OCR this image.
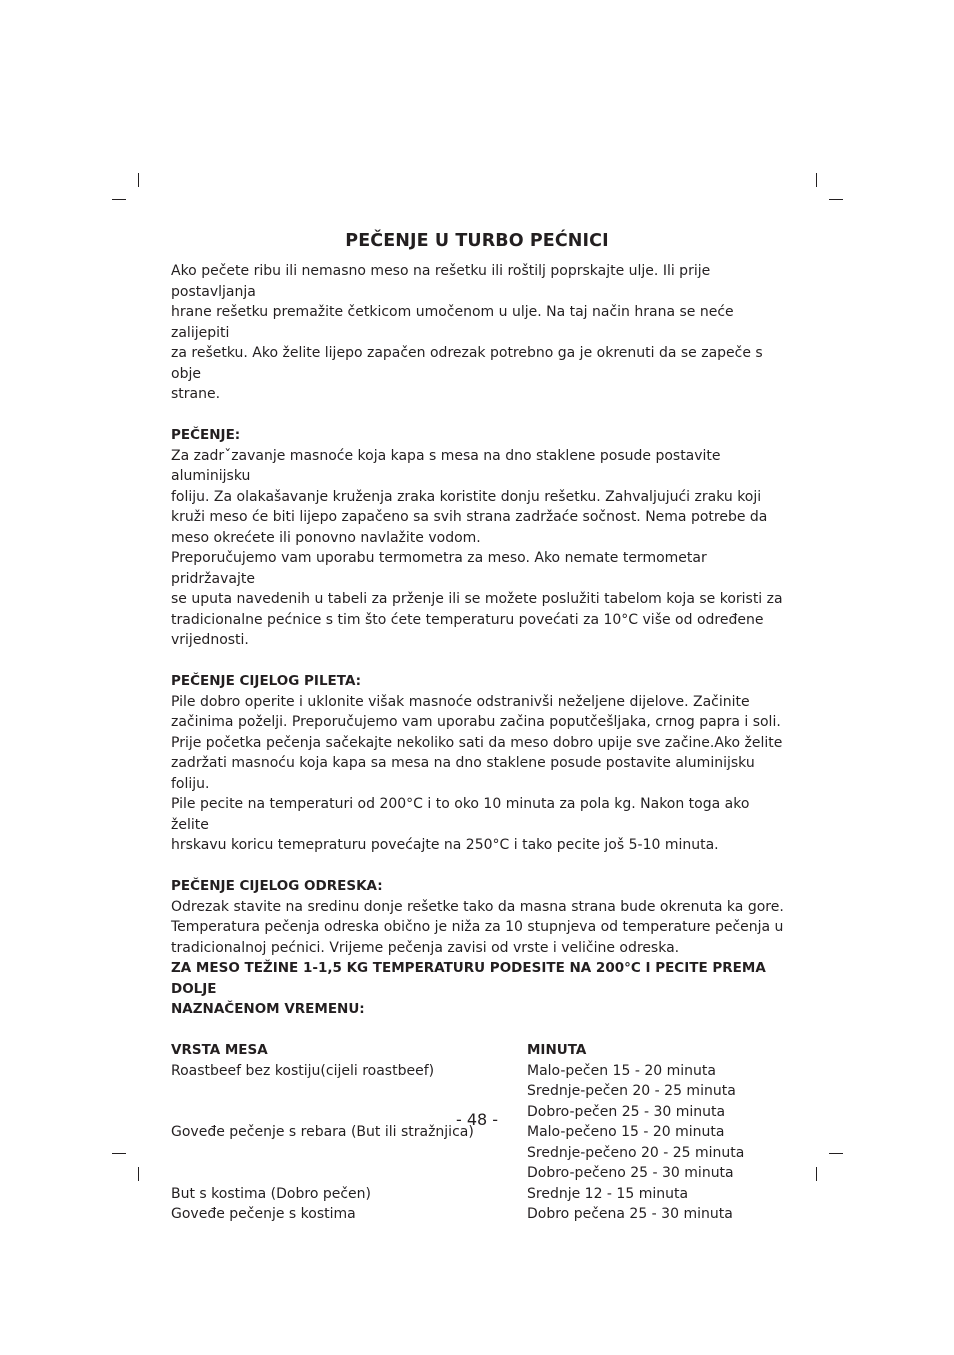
PEČENJE U TURBO PEĆNICI

Ako pečete ribu ili nemasno meso na rešetku ili roštilj poprskajte ulje. Ili prije postavljanja

hrane rešetku premažite četkicom umočenom u ulje. Na taj način hrana se neće zalijepiti

za rešetku. Ako želite lijepo zapačen odrezak potrebno ga je okrenuti da se zapeče s obje

strane.

PEČENJE:

Za zadrˇzavanje masnoće koja kapa s mesa na dno staklene posude postavite aluminijsku

foliju. Za olakašavanje kruženja zraka koristite donju rešetku. Zahvaljujući zraku koji

kruži meso će biti lijepo zapačeno sa svih strana zadržaće sočnost. Nema potrebe da

meso okrećete ili ponovno navlažite vodom.

Preporučujemo vam uporabu termometra za meso. Ako nemate termometar pridržavajte

se uputa navedenih u tabeli za prženje ili se možete poslužiti tabelom koja se koristi za

tradicionalne pećnice s tim što ćete temperaturu povećati za 10°C više od određene

vrijednosti.

PEČENJE CIJELOG PILETA:

Pile dobro operite i uklonite višak masnoće odstranivši neželjene dijelove. Začinite

začinima poželji. Preporučujemo vam uporabu začina poputčešljaka, crnog papra i soli.

Prije početka pečenja sačekajte nekoliko sati da meso dobro upije sve začine.Ako želite

zadržati masnoću koja kapa sa mesa na dno staklene posude postavite aluminijsku foliju.

Pile pecite na temperaturi od 200°C i to oko 10 minuta za pola kg. Nakon toga ako želite

hrskavu koricu temepraturu povećajte na 250°C i tako pecite još 5-10 minuta.

PEČENJE CIJELOG ODRESKA:

Odrezak stavite na sredinu donje rešetke tako da masna strana bude okrenuta ka gore.

Temperatura pečenja odreska obično je niža za 10 stupnjeva od temperature pečenja u

tradicionalnoj pećnici. Vrijeme pečenja zavisi od vrste i veličine odreska.

ZA MESO TEŽINE 1-1,5 KG TEMPERATURU PODESITE NA 200°C I PECITE PREMA DOLJE

NAZNAČENOM VREMENU:

VRSTA MESA	MINUTA
Roastbeef bez kostiju(cijeli roastbeef)	Malo-pečen 15 - 20 minuta
	Srednje-pečen 20 - 25 minuta
	Dobro-pečen 25 - 30 minuta
Goveđe pečenje s rebara (But ili stražnjica)	Malo-pečeno 15 - 20 minuta
	Srednje-pečeno 20 - 25 minuta
	Dobro-pečeno 25 - 30 minuta
But s kostima (Dobro pečen)	Srednje 12 - 15 minuta
Goveđe pečenje s kostima	Dobro pečena 25 - 30 minuta

- 48 -
